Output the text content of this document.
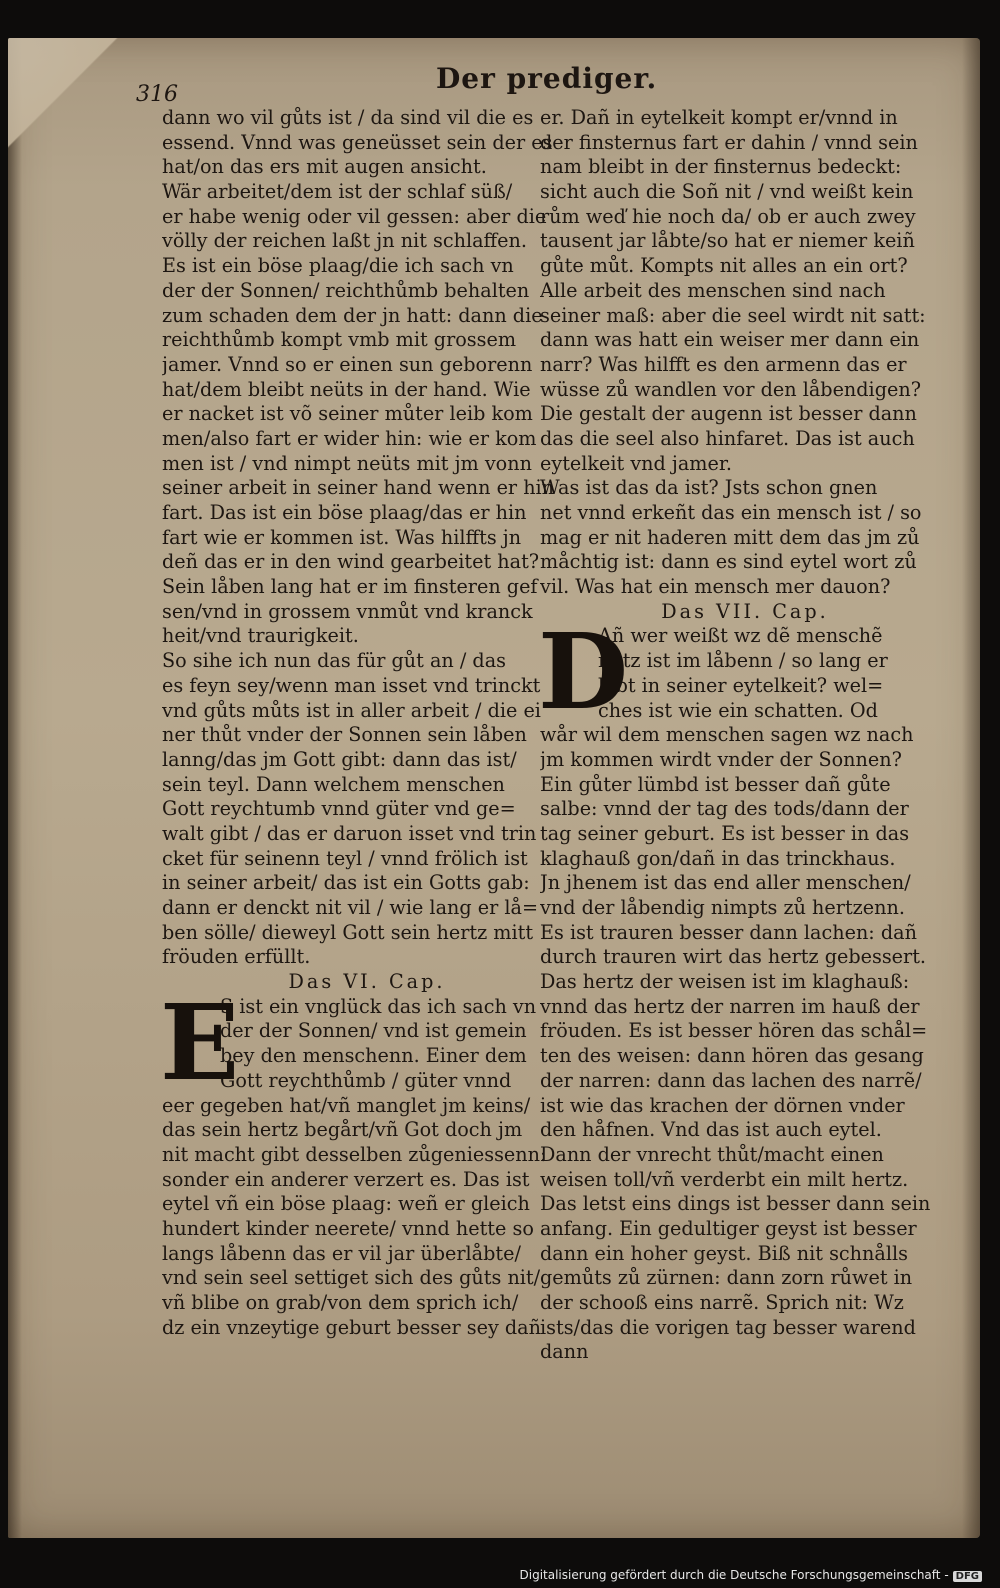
316	Der prediger.
dann wo vil gůts ist / da sind vil die es
essend. Vnnd was geneüsset sein der es
hat/on das ers mit augen ansicht.
Wär arbeitet/dem ist der schlaf süß/
er habe wenig oder vil gessen: aber die
völly der reichen laßt jn nit schlaffen.
Es ist ein böse plaag/die ich sach vn
der der Sonnen/ reichthůmb behalten
zum schaden dem der jn hatt: dann die
reichthůmb kompt vmb mit grossem
jamer. Vnnd so er einen sun geborenn
hat/dem bleibt neüts in der hand. Wie
er nacket ist võ seiner můter leib kom
men/also fart er wider hin: wie er kom
men ist / vnd nimpt neüts mit jm vonn
seiner arbeit in seiner hand wenn er hin
fart. Das ist ein böse plaag/das er hin
fart wie er kommen ist. Was hilffts jn
deñ das er in den wind gearbeitet hat?
Sein låben lang hat er im finsteren gef
sen/vnd in grossem vnmůt vnd kranck
heit/vnd traurigkeit.
So sihe ich nun das für gůt an / das
es feyn sey/wenn man isset vnd trinckt
vnd gůts můts ist in aller arbeit / die ei
ner thůt vnder der Sonnen sein låben
lanng/das jm Gott gibt: dann das ist/
sein teyl. Dann welchem menschen
Gott reychtumb vnnd güter vnd ge=
walt gibt / das er daruon isset vnd trin
cket für seinenn teyl / vnnd frölich ist
in seiner arbeit/ das ist ein Gotts gab:
dann er denckt nit vil / wie lang er lå=
ben sölle/ dieweyl Gott sein hertz mitt
fröuden erfüllt.
Das VI. Cap.
E
S ist ein vnglück das ich sach vn
der der Sonnen/ vnd ist gemein
bey den menschenn. Einer dem
Gott reychthůmb / güter vnnd
eer gegeben hat/vñ manglet jm keins/
das sein hertz begårt/vñ Got doch jm
nit macht gibt desselben zůgeniessenn:
sonder ein anderer verzert es. Das ist
eytel vñ ein böse plaag: weñ er gleich
hundert kinder neerete/ vnnd hette so
langs låbenn das er vil jar überlåbte/
vnd sein seel settiget sich des gůts nit/
vñ blibe on grab/von dem sprich ich/
dz ein vnzeytige geburt besser sey dañ
er. Dañ in eytelkeit kompt er/vnnd in
der finsternus fart er dahin / vnnd sein
nam bleibt in der finsternus bedeckt:
sicht auch die Soñ nit / vnd weißt kein
rům weď hie noch da/ ob er auch zwey
tausent jar låbte/so hat er niemer keiñ
gůte můt. Kompts nit alles an ein ort?
Alle arbeit des menschen sind nach
seiner maß: aber die seel wirdt nit satt:
dann was hatt ein weiser mer dann ein
narr? Was hilfft es den armenn das er
wüsse zů wandlen vor den låbendigen?
Die gestalt der augenn ist besser dann
das die seel also hinfaret. Das ist auch
eytelkeit vnd jamer.
Was ist das da ist? Jsts schon gnen
net vnnd erkeñt das ein mensch ist / so
mag er nit haderen mitt dem das jm zů
måchtig ist: dann es sind eytel wort zů
vil. Was hat ein mensch mer dauon?
Das VII. Cap.
D
Añ wer weißt wz dẽ menschẽ
nütz ist im låbenn / so lang er
låbt in seiner eytelkeit? wel=
ches ist wie ein schatten. Od
wår wil dem menschen sagen wz nach
jm kommen wirdt vnder der Sonnen?
Ein gůter lümbd ist besser dañ gůte
salbe: vnnd der tag des tods/dann der
tag seiner geburt. Es ist besser in das
klaghauß gon/dañ in das trinckhaus.
Jn jhenem ist das end aller menschen/
vnd der låbendig nimpts zů hertzenn.
Es ist trauren besser dann lachen: dañ
durch trauren wirt das hertz gebessert.
Das hertz der weisen ist im klaghauß:
vnnd das hertz der narren im hauß der
fröuden. Es ist besser hören das schål=
ten des weisen: dann hören das gesang
der narren: dann das lachen des narrẽ/
ist wie das krachen der dörnen vnder
den håfnen. Vnd das ist auch eytel.
Dann der vnrecht thůt/macht einen
weisen toll/vñ verderbt ein milt hertz.
Das letst eins dings ist besser dann sein
anfang. Ein gedultiger geyst ist besser
dann ein hoher geyst. Biß nit schnålls
gemůts zů zürnen: dann zorn růwet in
der schooß eins narrẽ. Sprich nit: Wz
ists/das die vorigen tag besser warend
dann
Digitalisierung gefördert durch die Deutsche Forschungsgemeinschaft - DFG
